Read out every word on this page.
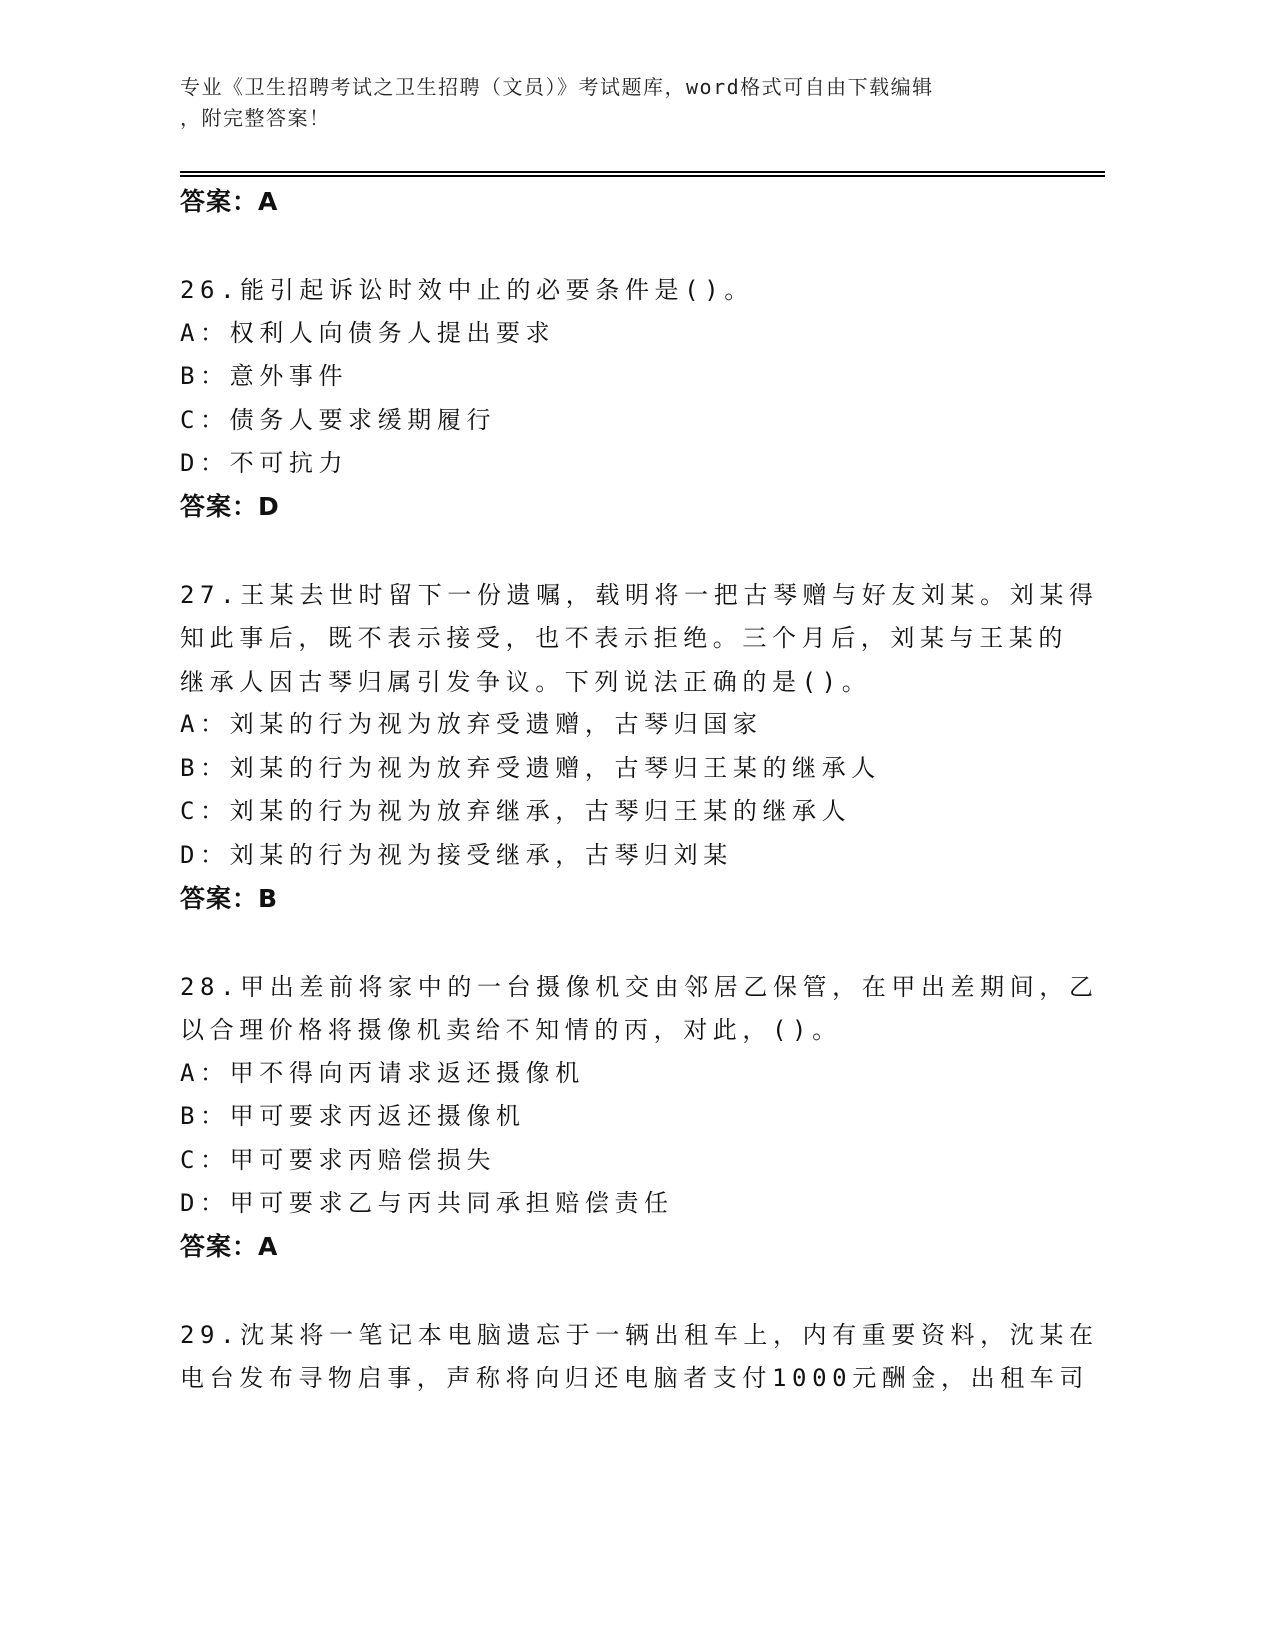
专业《卫生招聘考试之卫生招聘（文员）》考试题库，word格式可自由下载编辑
，附完整答案！
答案：A
26.能引起诉讼时效中止的必要条件是()。
A：权利人向债务人提出要求
B：意外事件
C：债务人要求缓期履行
D：不可抗力
答案：D
27.王某去世时留下一份遗嘱，载明将一把古琴赠与好友刘某。刘某得
知此事后，既不表示接受，也不表示拒绝。三个月后，刘某与王某的
继承人因古琴归属引发争议。下列说法正确的是()。
A：刘某的行为视为放弃受遗赠，古琴归国家
B：刘某的行为视为放弃受遗赠，古琴归王某的继承人
C：刘某的行为视为放弃继承，古琴归王某的继承人
D：刘某的行为视为接受继承，古琴归刘某
答案：B
28.甲出差前将家中的一台摄像机交由邻居乙保管，在甲出差期间，乙
以合理价格将摄像机卖给不知情的丙，对此，()。
A：甲不得向丙请求返还摄像机
B：甲可要求丙返还摄像机
C：甲可要求丙赔偿损失
D：甲可要求乙与丙共同承担赔偿责任
答案：A
29.沈某将一笔记本电脑遗忘于一辆出租车上，内有重要资料，沈某在
电台发布寻物启事，声称将向归还电脑者支付1000元酬金，出租车司
